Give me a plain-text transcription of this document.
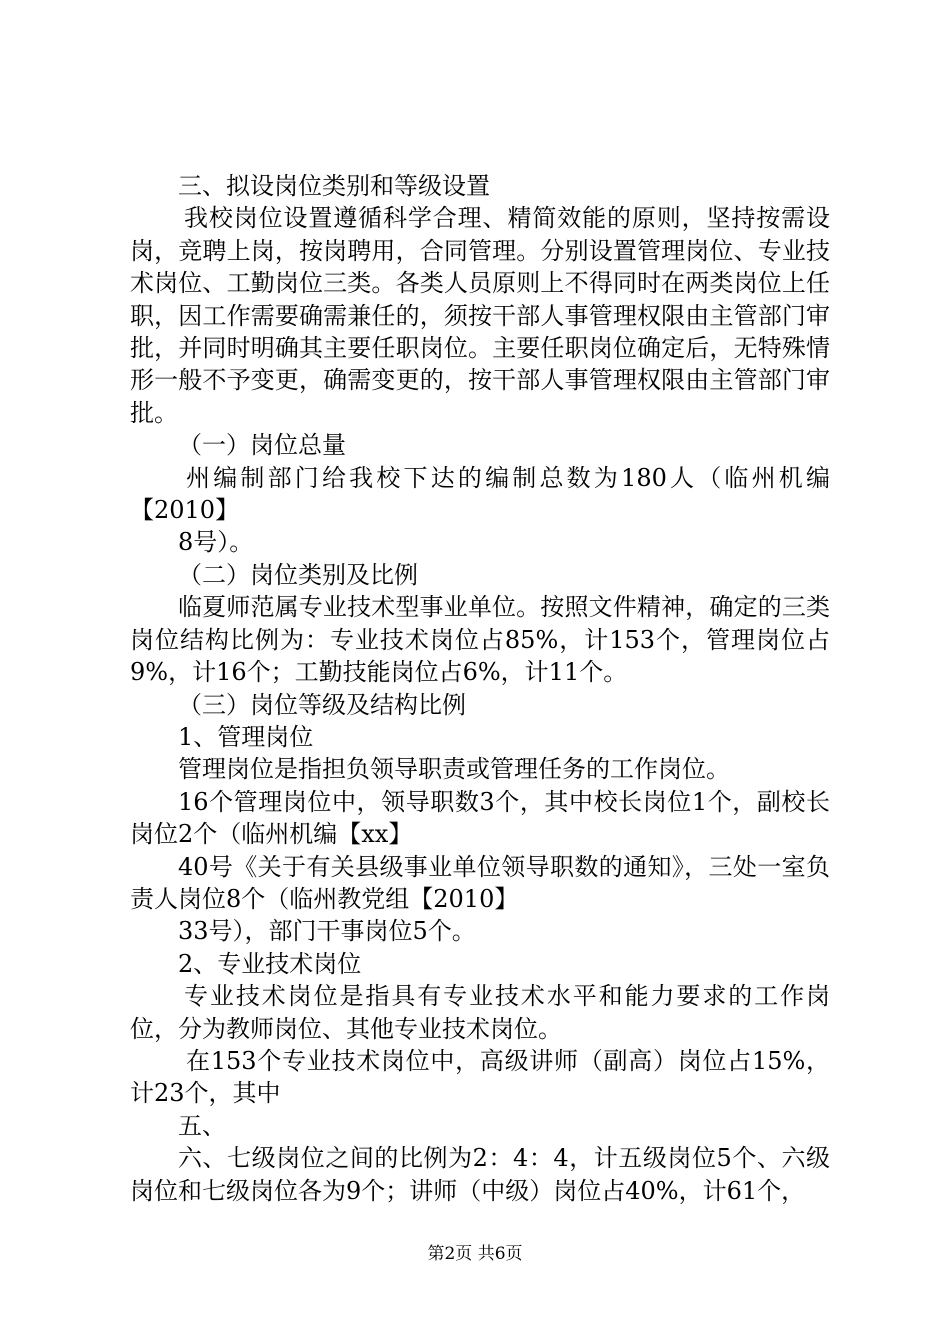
三、拟设岗位类别和等级设置

我校岗位设置遵循科学合理、精简效能的原则，坚持按需设岗，竞聘上岗，按岗聘用，合同管理。分别设置管理岗位、专业技术岗位、工勤岗位三类。各类人员原则上不得同时在两类岗位上任职，因工作需要确需兼任的，须按干部人事管理权限由主管部门审批，并同时明确其主要任职岗位。主要任职岗位确定后，无特殊情形一般不予变更，确需变更的，按干部人事管理权限由主管部门审批。

（一）岗位总量

州编制部门给我校下达的编制总数为180人（临州机编【2010】

8号）。

（二）岗位类别及比例

临夏师范属专业技术型事业单位。按照文件精神，确定的三类岗位结构比例为：专业技术岗位占85%，计153个，管理岗位占9%，计16个；工勤技能岗位占6%，计11个。

（三）岗位等级及结构比例

1、管理岗位

管理岗位是指担负领导职责或管理任务的工作岗位。

16个管理岗位中，领导职数3个，其中校长岗位1个，副校长岗位2个（临州机编【xx】

40号《关于有关县级事业单位领导职数的通知》，三处一室负责人岗位8个（临州教党组【2010】

33号），部门干事岗位5个。

2、专业技术岗位

专业技术岗位是指具有专业技术水平和能力要求的工作岗位，分为教师岗位、其他专业技术岗位。

在153个专业技术岗位中，高级讲师（副高）岗位占15%，计23个，其中

五、

六、七级岗位之间的比例为2：4：4，计五级岗位5个、六级岗位和七级岗位各为9个；讲师（中级）岗位占40%，计61个，

第2页 共6页
